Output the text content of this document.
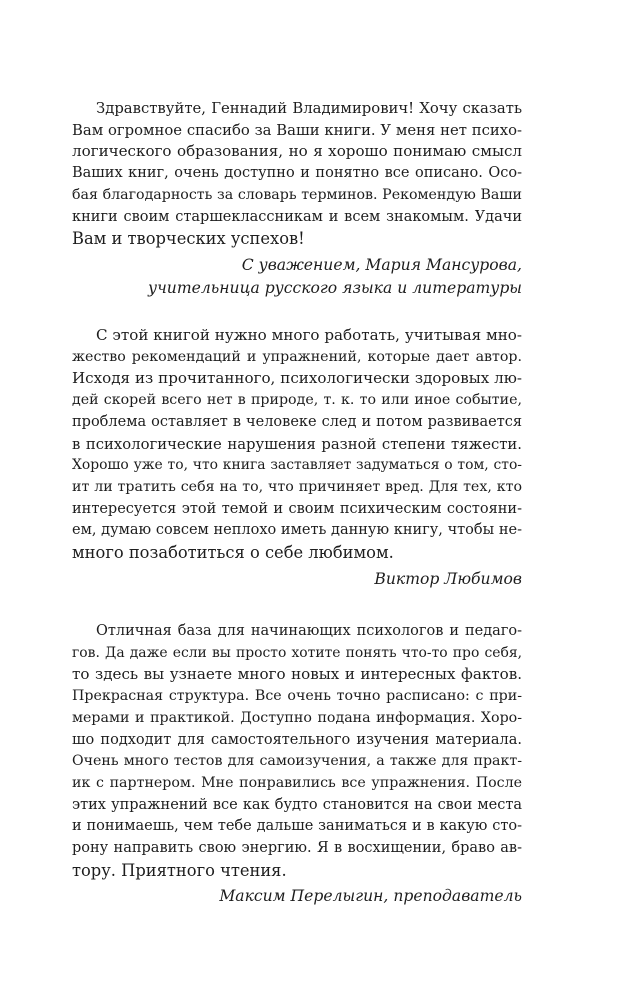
Здравствуйте, Геннадий Владимирович! Хочу сказать
Вам огромное спасибо за Ваши книги. У меня нет психо-
логического образования, но я хорошо понимаю смысл
Ваших книг, очень доступно и понятно все описано. Осо-
бая благодарность за словарь терминов. Рекомендую Ваши
книги своим старшеклассникам и всем знакомым. Удачи
Вам и творческих успехов!
С уважением, Мария Мансурова,
учительница русского языка и литературы
С этой книгой нужно много работать, учитывая мно-
жество рекомендаций и упражнений, которые дает автор.
Исходя из прочитанного, психологически здоровых лю-
дей скорей всего нет в природе, т. к. то или иное событие,
проблема оставляет в человеке след и потом развивается
в психологические нарушения разной степени тяжести.
Хорошо уже то, что книга заставляет задуматься о том, сто-
ит ли тратить себя на то, что причиняет вред. Для тех, кто
интересуется этой темой и своим психическим состояни-
ем, думаю совсем неплохо иметь данную книгу, чтобы не-
много позаботиться о себе любимом.
Виктор Любимов
Отличная база для начинающих психологов и педаго-
гов. Да даже если вы просто хотите понять что-то про себя,
то здесь вы узнаете много новых и интересных фактов.
Прекрасная структура. Все очень точно расписано: с при-
мерами и практикой. Доступно подана информация. Хоро-
шо подходит для самостоятельного изучения материала.
Очень много тестов для самоизучения, а также для практ-
ик с партнером. Мне понравились все упражнения. После
этих упражнений все как будто становится на свои места
и понимаешь, чем тебе дальше заниматься и в какую сто-
рону направить свою энергию. Я в восхищении, браво ав-
тору. Приятного чтения.
Максим Перелыгин, преподаватель
